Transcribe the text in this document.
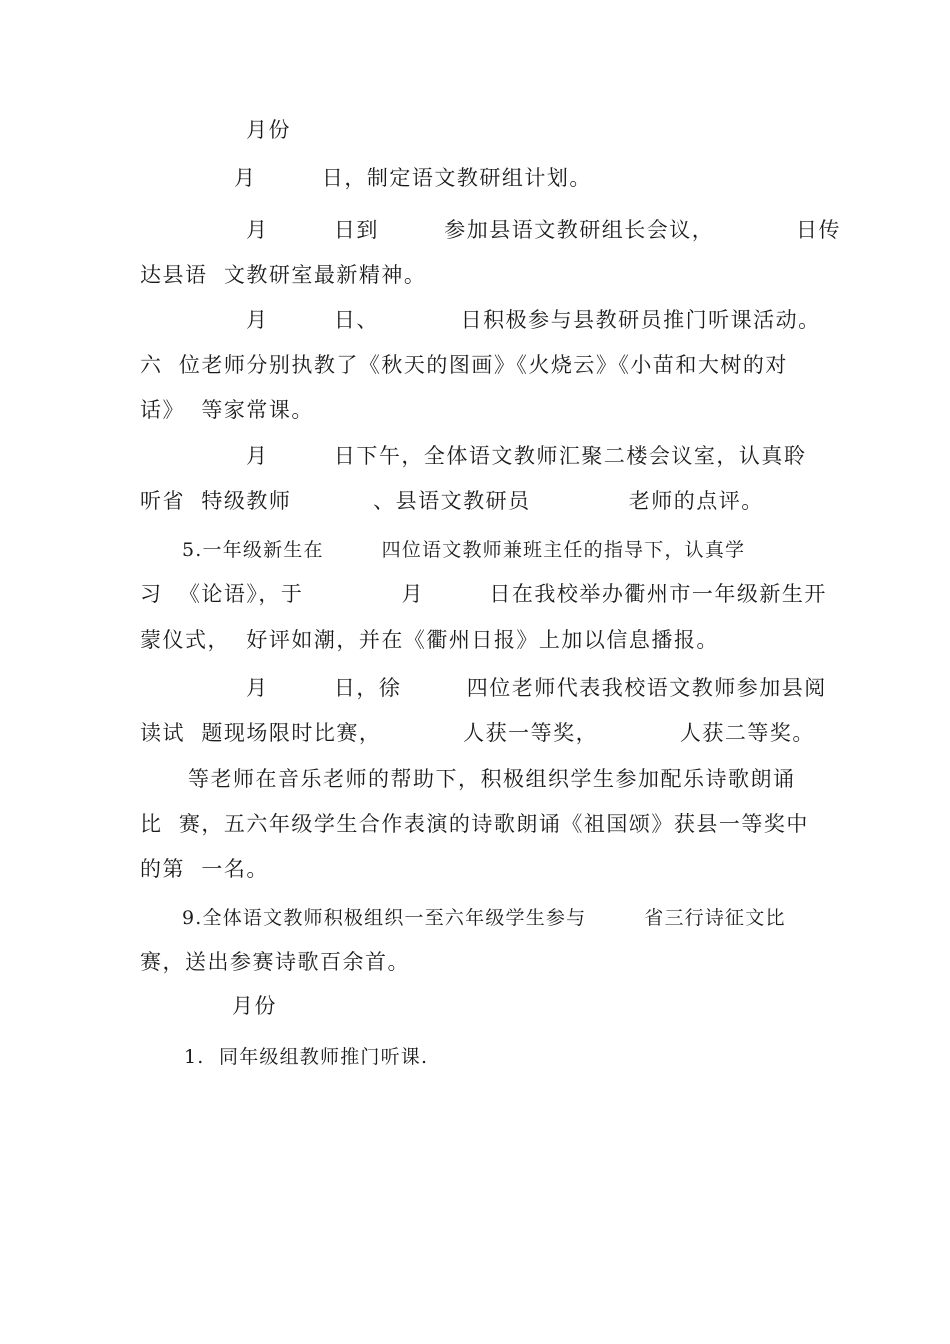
月份
月        日，制定语文教研组计划。
月        日到        参加县语文教研组长会议，          日传
达县语  文教研室最新精神。
月        日、          日积极参与县教研员推门听课活动。
六  位老师分别执教了《秋天的图画》《火烧云》《小苗和大树的对
话》  等家常课。
月        日下午，全体语文教师汇聚二楼会议室，认真聆
听省  特级教师          、县语文教研员            老师的点评。
5.一年级新生在        四位语文教师兼班主任的指导下，认真学
习  《论语》，于            月        日在我校举办衢州市一年级新生开
蒙仪式，  好评如潮，并在《衢州日报》上加以信息播报。
月        日，徐        四位老师代表我校语文教师参加县阅
读试  题现场限时比赛，          人获一等奖，          人获二等奖。
等老师在音乐老师的帮助下，积极组织学生参加配乐诗歌朗诵
比  赛，五六年级学生合作表演的诗歌朗诵《祖国颂》获县一等奖中
的第  一名。
9.全体语文教师积极组织一至六年级学生参与        省三行诗征文比
赛，送出参赛诗歌百余首。
月份
1.  同年级组教师推门听课.
